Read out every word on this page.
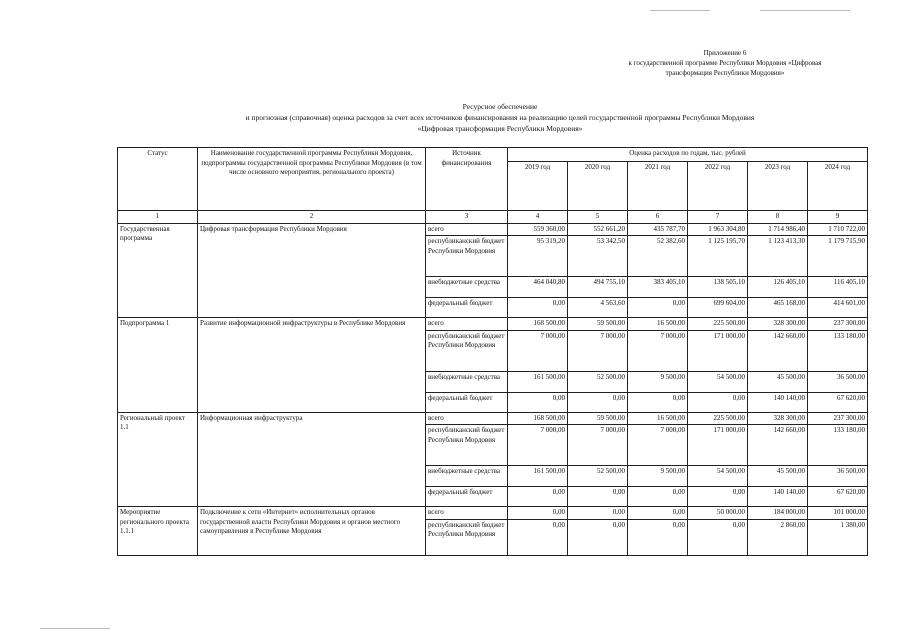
Приложение 6
к государственной программе Республики Мордовия «Цифровая
трансформация Республики Мордовия»
Ресурсное обеспечение
и прогнозная (справочная) оценка расходов за счет всех источников финансирования на реализацию целей государственной программы Республики Мордовия
«Цифровая трансформация Республики Мордовия»
Статус	Наименование государственной программы Республики Мордовия, подпрограммы государственной программы Республики Мордовия (в том числе основного мероприятия, регионального проекта)	Источник финансирования	Оценка расходов по годам, тыс. рублей					
			2019 год	2020 год	2021 год	2022 год	2023 год	2024 год
1	2	3	4	5	6	7	8	9
Государственная программа	Цифровая трансформация Республики Мордовия	всего	559 360,00	552 661,20	435 787,70	1 963 304,80	1 714 986,40	1 710 722,00
		республиканский бюджет Республики Мордовия	95 319,20	53 342,50	52 382,60	1 125 195,70	1 123 413,30	1 179 715,90
		внебюджетные средства	464 040,80	494 755,10	383 405,10	138 505,10	126 405,10	116 405,10
		федеральный бюджет	0,00	4 563,60	0,00	699 604,00	465 168,00	414 601,00
Подпрограмма 1	Развитие информационной инфраструктуры в Республике Мордовия	всего	168 500,00	59 500,00	16 500,00	225 500,00	328 300,00	237 300,00
		республиканский бюджет Республики Мордовия	7 000,00	7 000,00	7 000,00	171 000,00	142 660,00	133 180,00
		внебюджетные средства	161 500,00	52 500,00	9 500,00	54 500,00	45 500,00	36 500,00
		федеральный бюджет	0,00	0,00	0,00	0,00	140 140,00	67 620,00
Региональный проект 1.1	Информационная инфраструктура	всего	168 500,00	59 500,00	16 500,00	225 500,00	328 300,00	237 300,00
		республиканский бюджет Республики Мордовия	7 000,00	7 000,00	7 000,00	171 000,00	142 660,00	133 180,00
		внебюджетные средства	161 500,00	52 500,00	9 500,00	54 500,00	45 500,00	36 500,00
		федеральный бюджет	0,00	0,00	0,00	0,00	140 140,00	67 620,00
Мероприятие регионального проекта 1.1.1	Подключение к сети «Интернет» исполнительных органов государственной власти Республики Мордовия и органов местного самоуправления в Республике Мордовия	всего	0,00	0,00	0,00	50 000,00	184 000,00	101 000,00
		республиканский бюджет Республики Мордовия	0,00	0,00	0,00	0,00	2 860,00	1 380,00
